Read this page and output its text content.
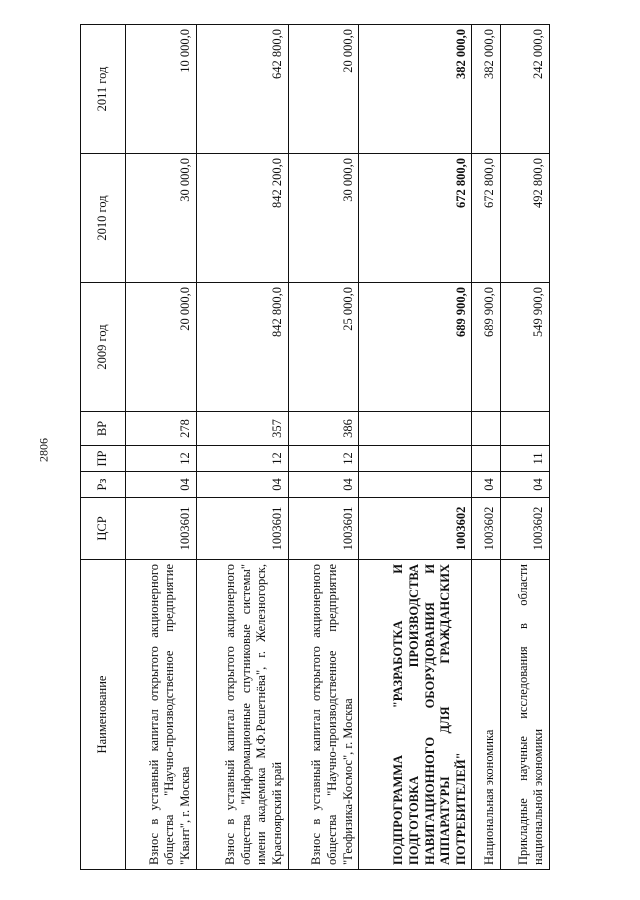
2806
Наименование	ЦСР	Рз	ПР	ВР	2009 год	2010 год	2011 год
Взнос в уставный капитал открытого акционерного общества "Научно-производственное предприятие "Квант", г. Москва	1003601	04	12	278	20 000,0	30 000,0	10 000,0
Взнос в уставный капитал открытого акционерного общества "Информационные спутниковые системы" имени академика М.Ф.Решетнёва", г. Железногорск, Красноярский край	1003601	04	12	357	842 800,0	842 200,0	642 800,0
Взнос в уставный капитал открытого акционерного общества "Научно-производственное предприятие "Геофизика-Космос", г. Москва	1003601	04	12	386	25 000,0	30 000,0	20 000,0
ПОДПРОГРАММА "РАЗРАБОТКА И ПОДГОТОВКА ПРОИЗВОДСТВА НАВИГАЦИОННОГО ОБОРУДОВАНИЯ И АППАРАТУРЫ ДЛЯ ГРАЖДАНСКИХ ПОТРЕБИТЕЛЕЙ"	1003602				689 900,0	672 800,0	382 000,0
Национальная экономика	1003602	04			689 900,0	672 800,0	382 000,0
Прикладные научные исследования в области национальной экономики	1003602	04	11		549 900,0	492 800,0	242 000,0
